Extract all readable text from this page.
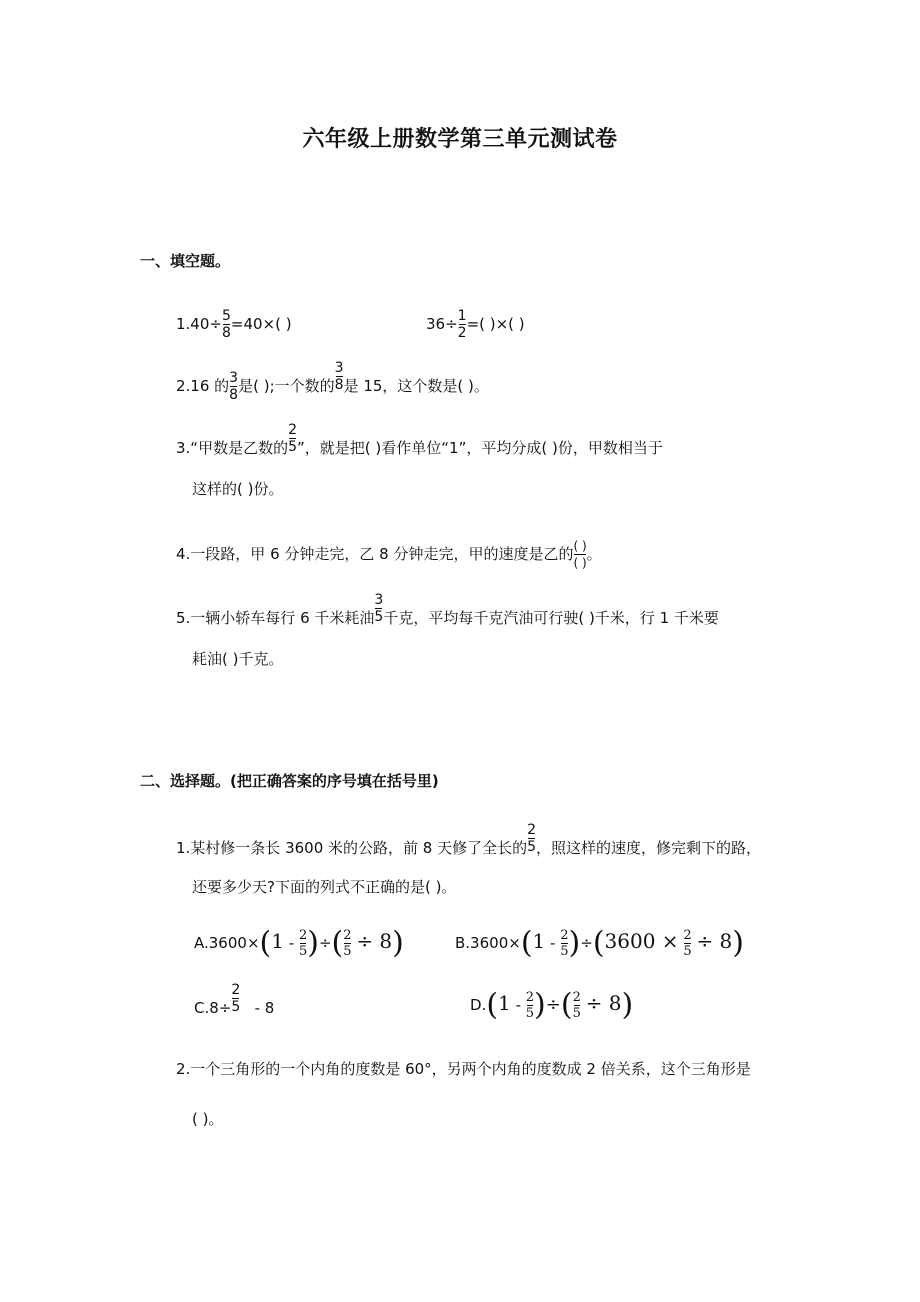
六年级上册数学第三单元测试卷
一、填空题。
$1.40\div \frac{5}{8} =40\times$( )	$36\div \frac{1}{2}$ =( )×( )
2.16 的 $\frac{3}{8}$ 是( );一个数的 $\frac{3}{8}$ 是 15，这个数是( )。
3.“甲数是乙数的 $\frac{2}{5}$ ”，就是把( )看作单位“1”，平均分成( )份，甲数相当于
这样的( )份。
4.一段路，甲 6 分钟走完，乙 8 分钟走完，甲的速度是乙的 $\frac{( )}{( )}$ 。
5.一辆小轿车每行 6 千米耗油 $\frac{3}{5}$ 千克，平均每千克汽油可行驶( )千米，行 1 千米要
耗油( )千克。
二、选择题。(把正确答案的序号填在括号里)
1.某村修一条长 3600 米的公路，前 8 天修了全长的 $\frac{2}{5}$ ，照这样的速度，修完剩下的路，
还要多少天?下面的列式不正确的是( )。
$A.3600\times(1 - \frac{2}{5}$ )÷( $\frac{2}{5} \div 8$)	$B.3600\times(1 - \frac{2}{5} )\div(3600 \times \frac{2}{5} \div 8)$
$C.8\div \frac{2}{5} - 8$	$D.(1 - \frac{2}{5}$ )÷( $\frac{2}{5} \div 8$)
2.一个三角形的一个内角的度数是 60°，另两个内角的度数成 2 倍关系，这个三角形是
( )。
